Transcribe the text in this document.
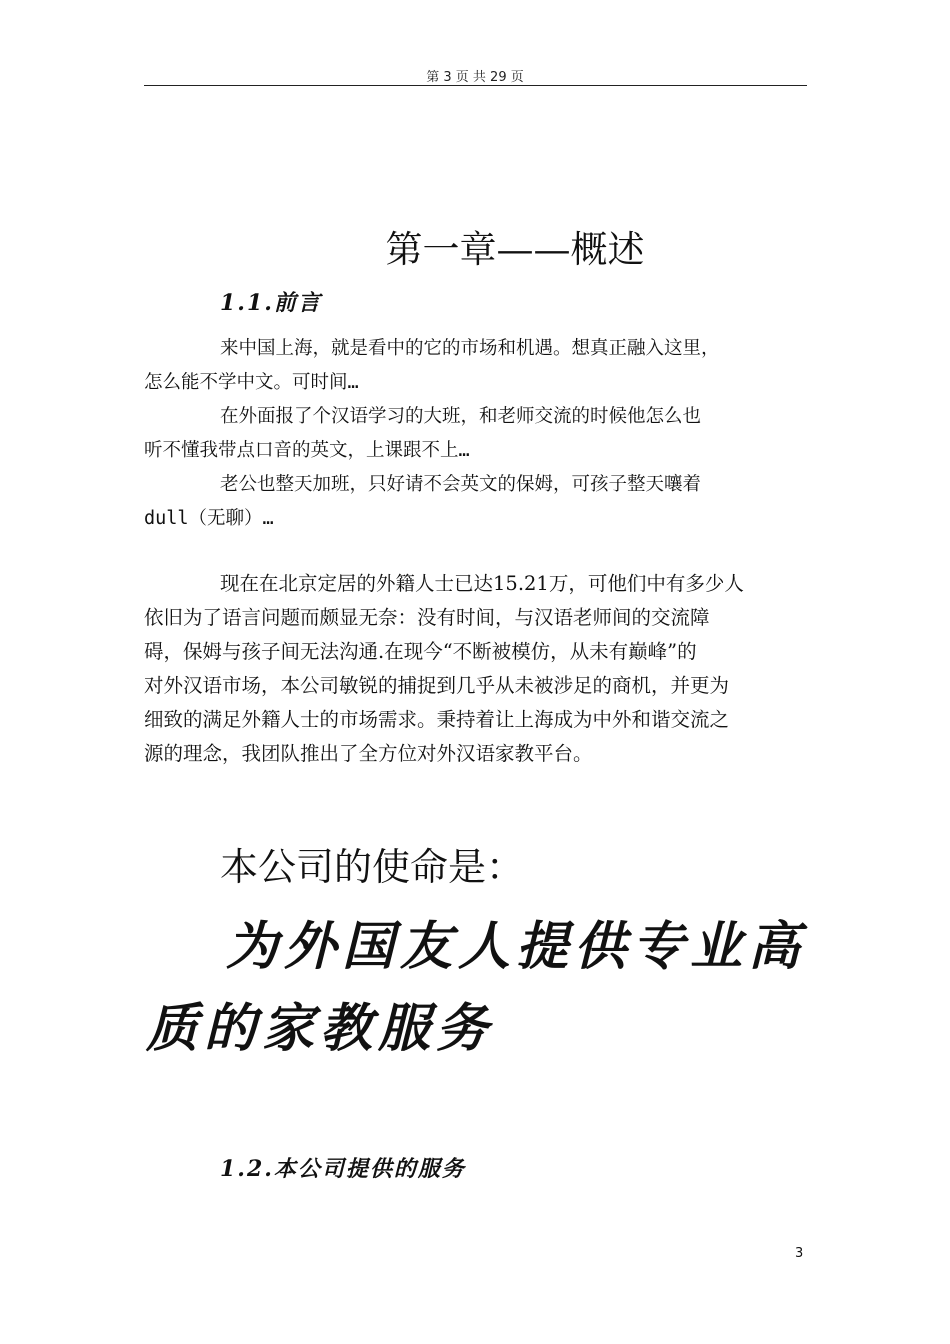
第 3 页 共 29 页
第一章——概述
1.1.前言
来中国上海，就是看中的它的市场和机遇。想真正融入这里，
怎么能不学中文。可时间…
在外面报了个汉语学习的大班，和老师交流的时候他怎么也
听不懂我带点口音的英文，上课跟不上…
老公也整天加班，只好请不会英文的保姆，可孩子整天嚷着
dull（无聊）…
现在在北京定居的外籍人士已达15.21万，可他们中有多少人
依旧为了语言问题而颇显无奈：没有时间，与汉语老师间的交流障
碍，保姆与孩子间无法沟通.在现今“不断被模仿，从未有巅峰”的
对外汉语市场，本公司敏锐的捕捉到几乎从未被涉足的商机，并更为
细致的满足外籍人士的市场需求。秉持着让上海成为中外和谐交流之
源的理念，我团队推出了全方位对外汉语家教平台。
本公司的使命是：
为外国友人提供专业高
质的家教服务
1.2.本公司提供的服务
3
